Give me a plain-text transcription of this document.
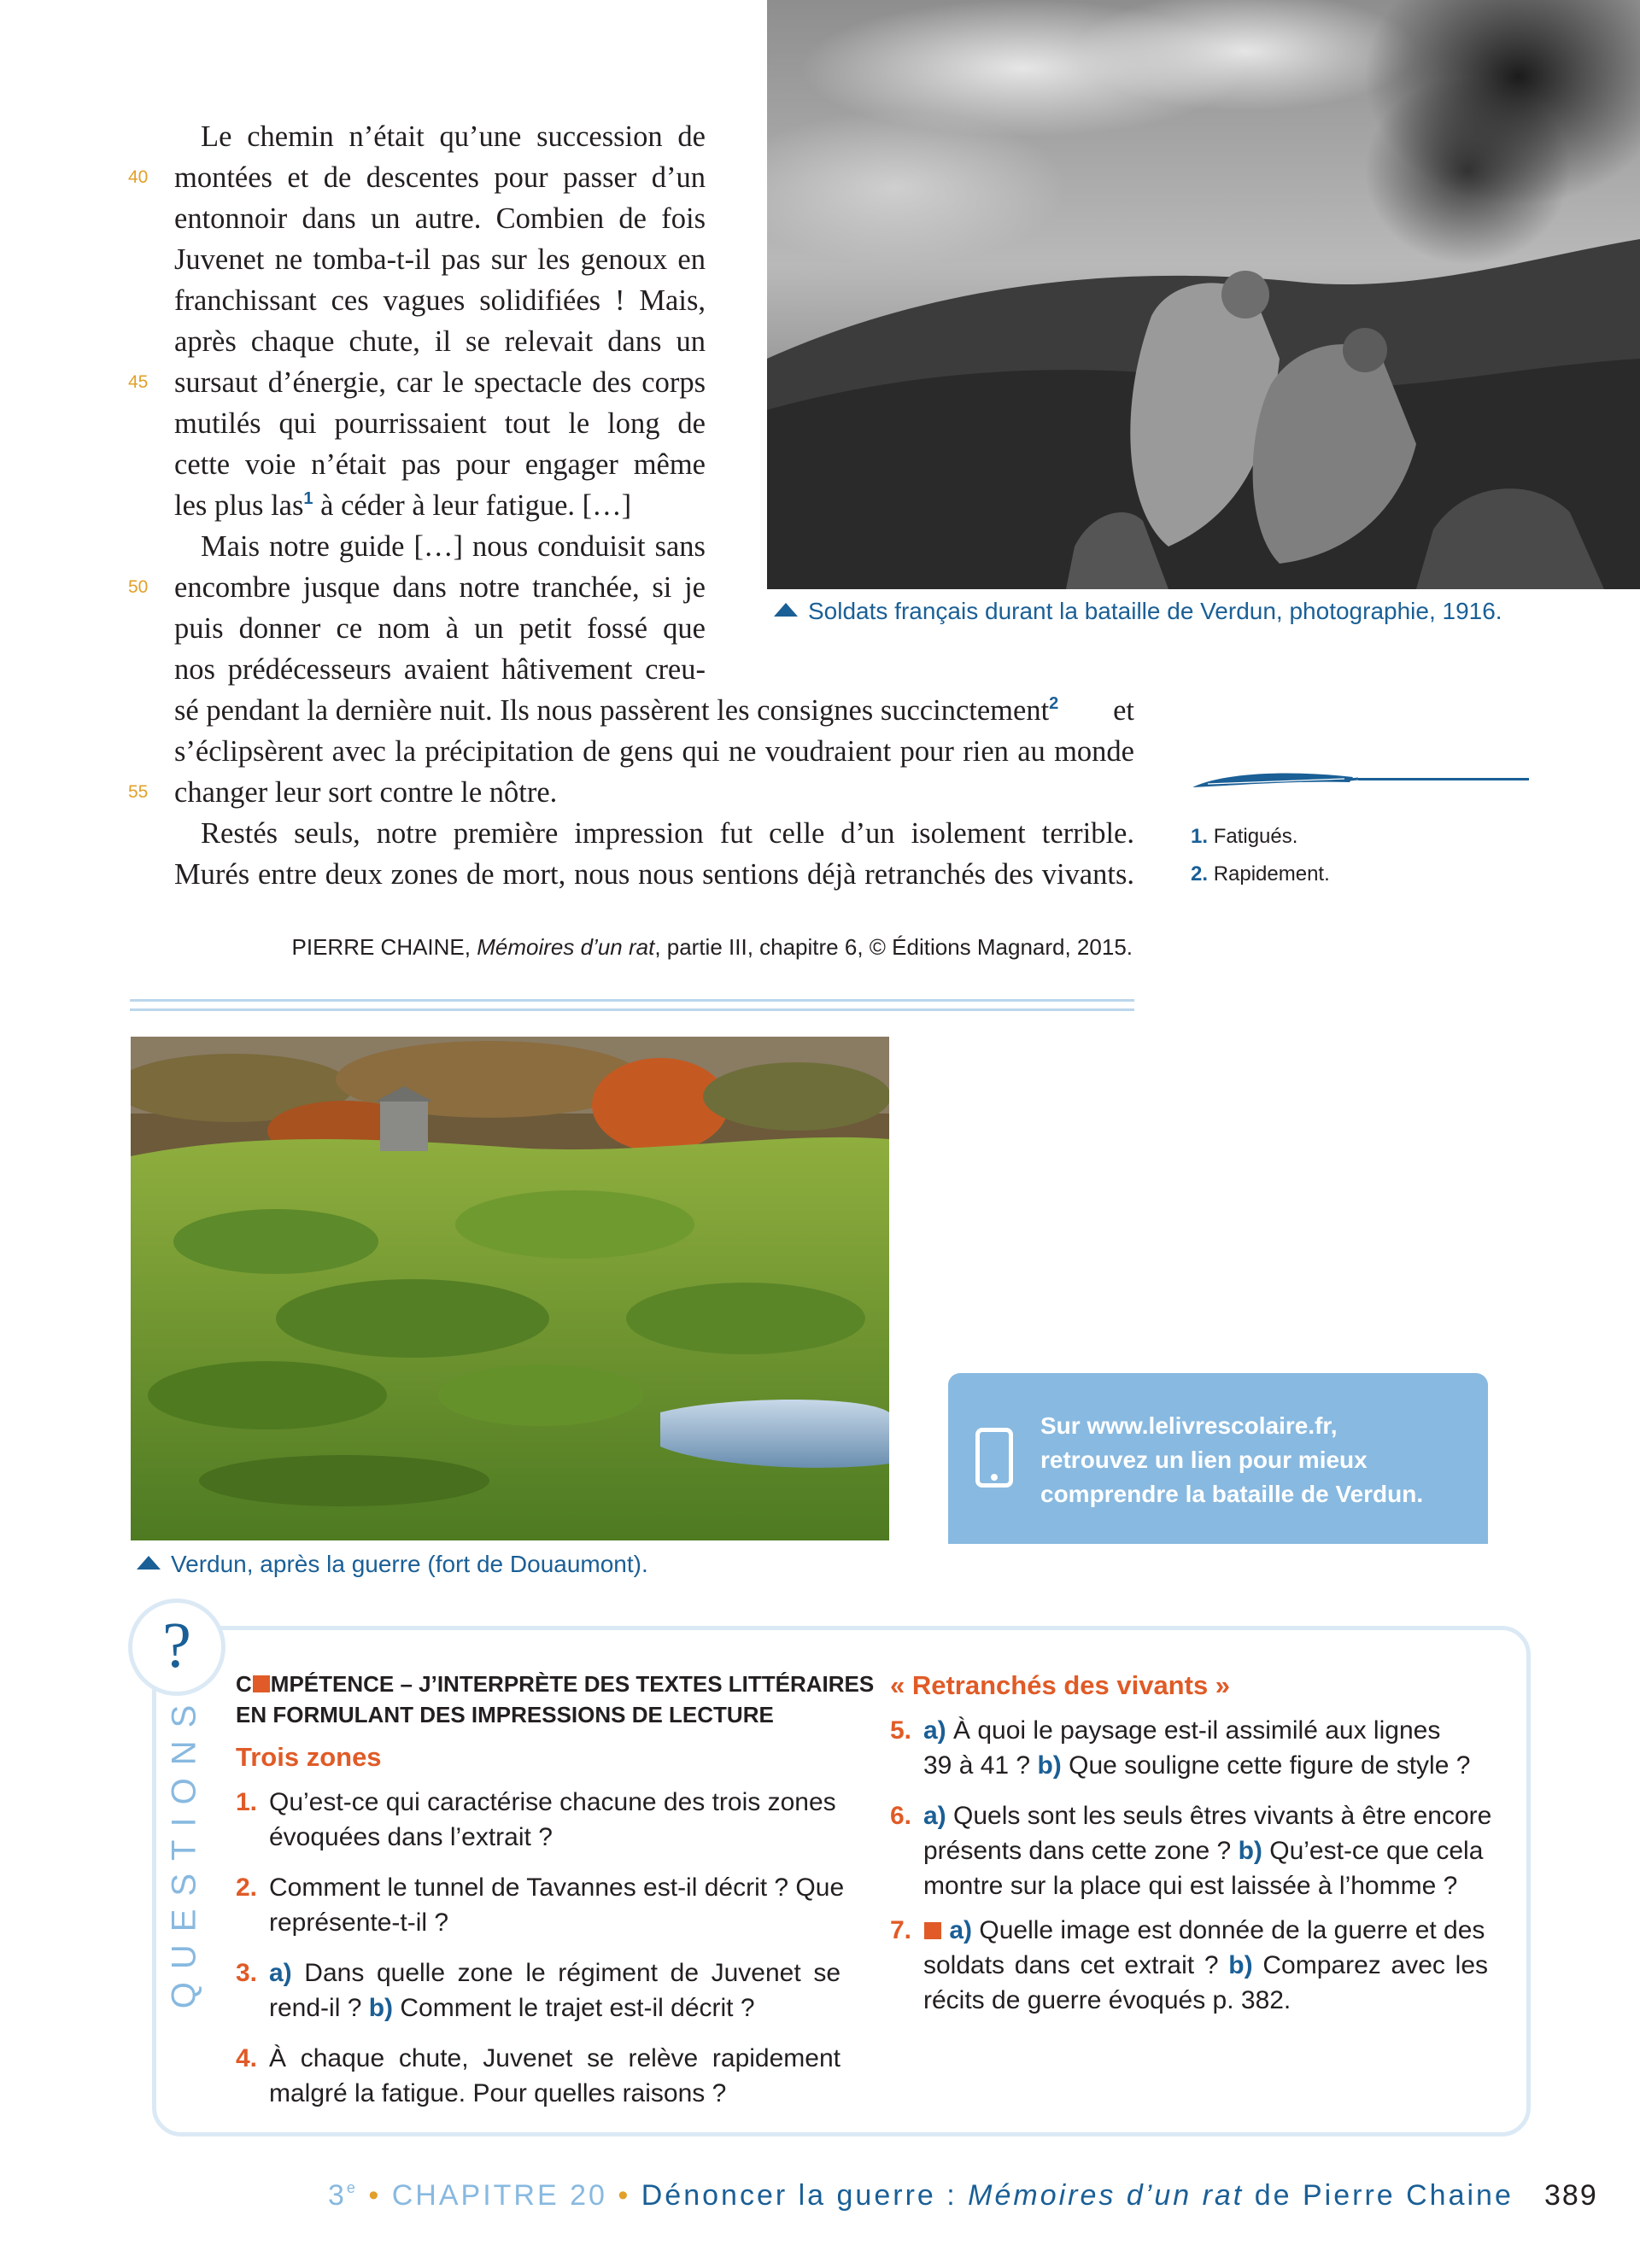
Soldats français durant la bataille de Verdun, photographie, 1916.
Le chemin n’était qu’une succession de
montées et de descentes pour passer d’un
entonnoir dans un autre. Combien de fois
Juvenet ne tomba-t-il pas sur les genoux en
franchissant ces vagues solidifiées ! Mais,
après chaque chute, il se relevait dans un
sursaut d’énergie, car le spectacle des corps
mutilés qui pourrissaient tout le long de
cette voie n’était pas pour engager même
les plus las$^1$ à céder à leur fatigue. […]
Mais notre guide […] nous conduisit sans
encombre jusque dans notre tranchée, si je
puis donner ce nom à un petit fossé que
nos prédécesseurs avaient hâtivement creu-
sé pendant la dernière nuit. Ils nous passèrent les consignes succinctement$^2$ et
s’éclipsèrent avec la précipitation de gens qui ne voudraient pour rien au monde
changer leur sort contre le nôtre.
Restés seuls, notre première impression fut celle d’un isolement terrible.
Murés entre deux zones de mort, nous nous sentions déjà retranchés des vivants.
40
45
50
55
1. Fatigués.
2. Rapidement.
PIERRE CHAINE, Mémoires d’un rat, partie III, chapitre 6, © Éditions Magnard, 2015.
Verdun, après la guerre (fort de Douaumont).
Sur www.lelivrescolaire.fr,
retrouvez un lien pour mieux
comprendre la bataille de Verdun.
?
QUESTIONS
C MPÉTENCE – J’INTERPRÈTE DES TEXTES LITTÉRAIRES
EN FORMULANT DES IMPRESSIONS DE LECTURE
Trois zones
1. Qu’est-ce qui caractérise chacune des trois zones
évoquées dans l’extrait ?
2. Comment le tunnel de Tavannes est-il décrit ? Que
représente-t-il ?
3. a) Dans quelle zone le régiment de Juvenet se
rend-il ? b) Comment le trajet est-il décrit ?
4. À chaque chute, Juvenet se relève rapidement
malgré la fatigue. Pour quelles raisons ?
« Retranchés des vivants »
5. a) À quoi le paysage est-il assimilé aux lignes
39 à 41 ? b) Que souligne cette figure de style ?
6. a) Quels sont les seuls êtres vivants à être encore
présents dans cette zone ? b) Qu’est-ce que cela
montre sur la place qui est laissée à l’homme ?
7.	a) Quelle image est donnée de la guerre et des
soldats dans cet extrait ? b) Comparez avec les
récits de guerre évoqués p. 382.
3e • CHAPITRE 20 • Dénoncer la guerre : Mémoires d’un rat de Pierre Chaine 389
